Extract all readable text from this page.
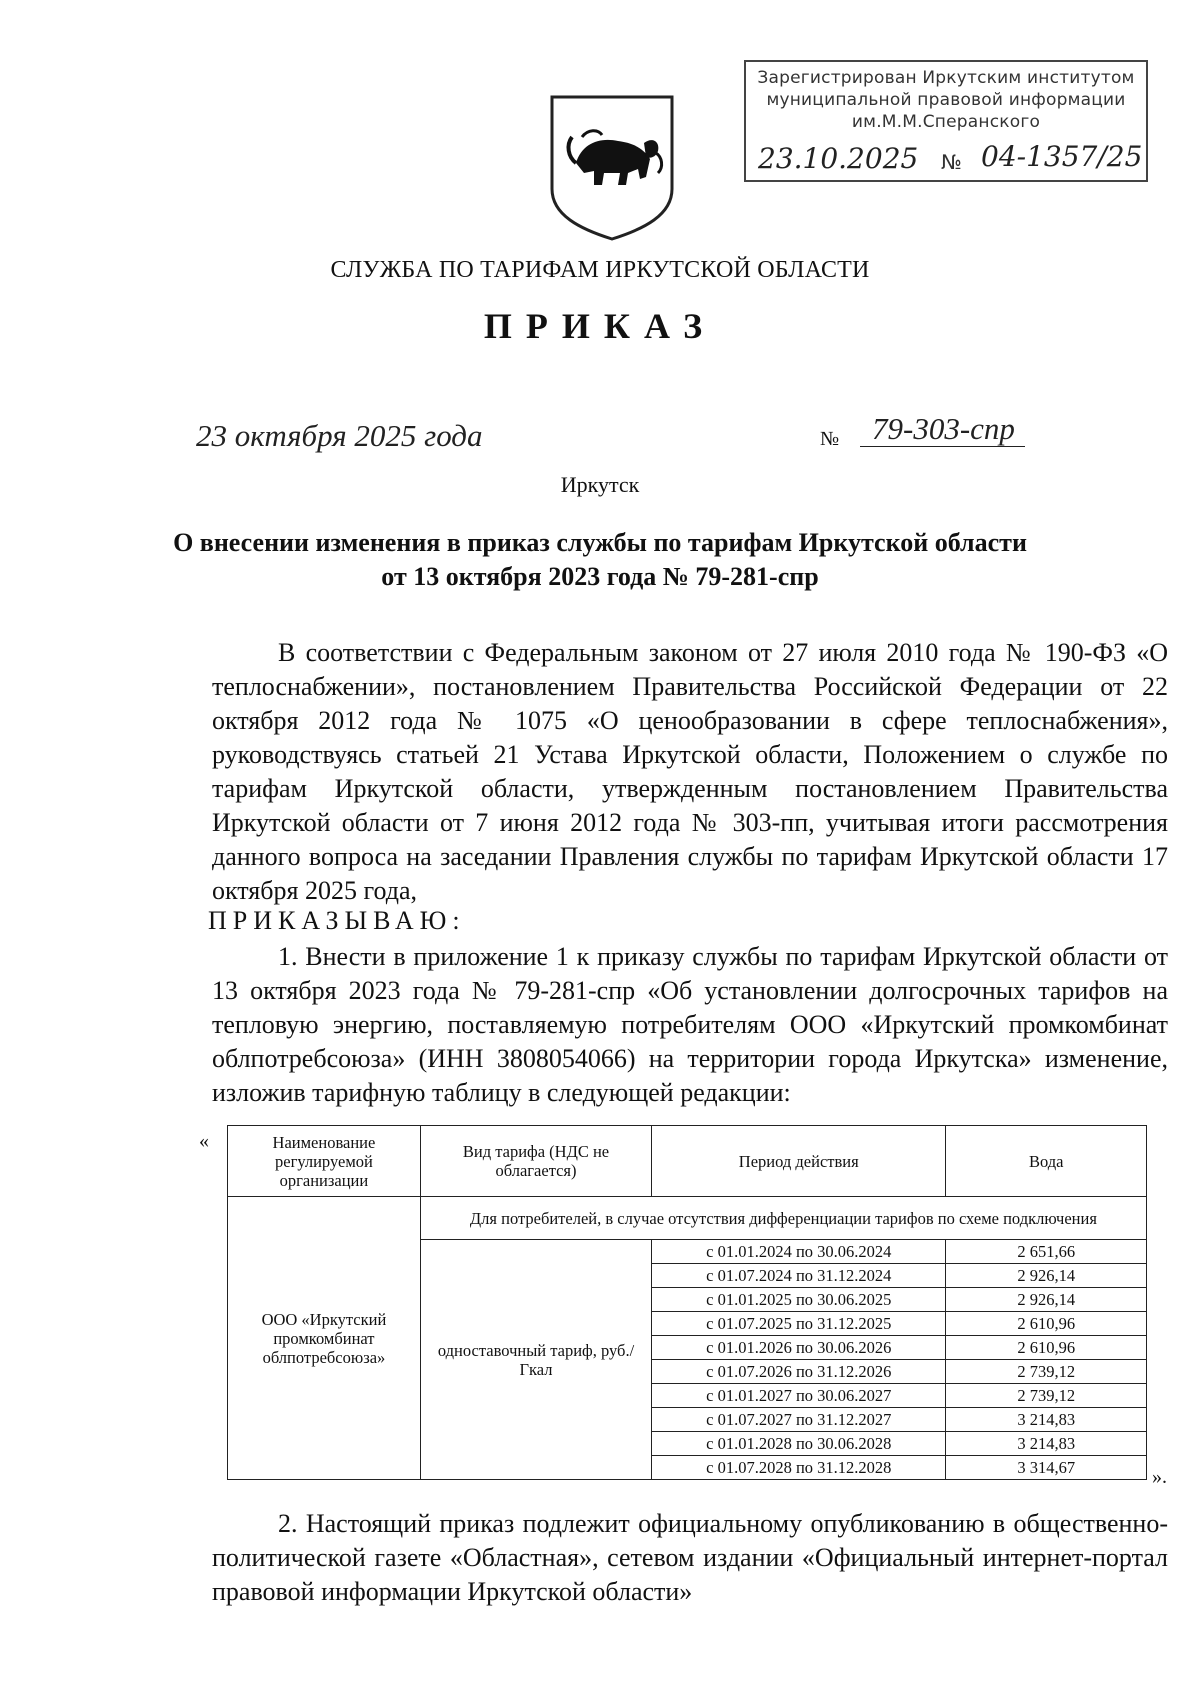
Зарегистрирован Иркутским институтом
муниципальной правовой информации
им.М.М.Сперанского
23.10.2025 № 04-1357/25
СЛУЖБА ПО ТАРИФАМ ИРКУТСКОЙ ОБЛАСТИ
ПРИКАЗ
23 октября 2025 года	№	79-303-спр
Иркутск
О внесении изменения в приказ службы по тарифам Иркутской области
от 13 октября 2023 года № 79-281-спр
В соответствии с Федеральным законом от 27 июля 2010 года № 190-ФЗ «О теплоснабжении», постановлением Правительства Российской Федерации от 22 октября 2012 года № 1075 «О ценообразовании в сфере теплоснабжения», руководствуясь статьей 21 Устава Иркутской области, Положением о службе по тарифам Иркутской области, утвержденным постановлением Правительства Иркутской области от 7 июня 2012 года № 303-пп, учитывая итоги рассмотрения данного вопроса на заседании Правления службы по тарифам Иркутской области 17 октября 2025 года,
ПРИКАЗЫВАЮ:
1. Внести в приложение 1 к приказу службы по тарифам Иркутской области от 13 октября 2023 года № 79-281-спр «Об установлении долгосрочных тарифов на тепловую энергию, поставляемую потребителям ООО «Иркутский промкомбинат облпотребсоюза» (ИНН 3808054066) на территории города Иркутска» изменение, изложив тарифную таблицу в следующей редакции:
«	Наименование регулируемой организации	Вид тарифа (НДС не облагается)	Период действия	Вода
ООО «Иркутский промкомбинат облпотребсоюза»	Для потребителей, в случае отсутствия дифференциации тарифов по схеме подключения		
	одноставочный тариф, руб./Гкал	с 01.01.2024 по 30.06.2024	2 651,66
		с 01.07.2024 по 31.12.2024	2 926,14
		с 01.01.2025 по 30.06.2025	2 926,14
		с 01.07.2025 по 31.12.2025	2 610,96
		с 01.01.2026 по 30.06.2026	2 610,96
		с 01.07.2026 по 31.12.2026	2 739,12
		с 01.01.2027 по 30.06.2027	2 739,12
		с 01.07.2027 по 31.12.2027	3 214,83
		с 01.01.2028 по 30.06.2028	3 214,83
		с 01.07.2028 по 31.12.2028	3 314,67	».
2. Настоящий приказ подлежит официальному опубликованию в общественно-политической газете «Областная», сетевом издании «Официальный интернет-портал правовой информации Иркутской области»
